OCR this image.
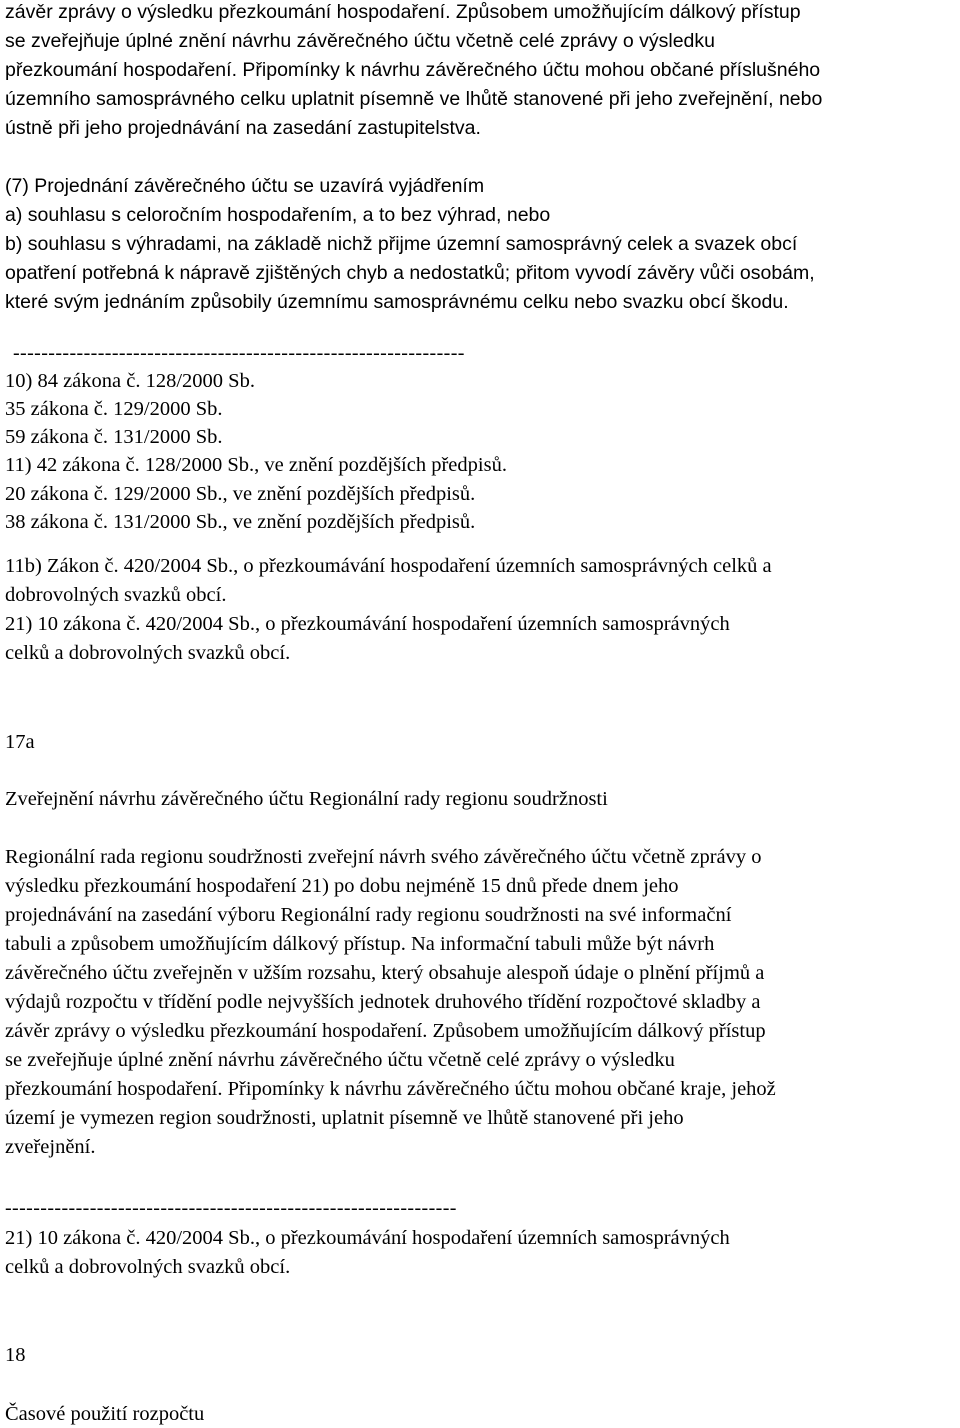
závěr zprávy o výsledku přezkoumání hospodaření. Způsobem umožňujícím dálkový přístup
se zveřejňuje úplné znění návrhu závěrečného účtu včetně celé zprávy o výsledku
přezkoumání hospodaření. Připomínky k návrhu závěrečného účtu mohou občané příslušného
územního samosprávného celku uplatnit písemně ve lhůtě stanovené při jeho zveřejnění, nebo
ústně při jeho projednávání na zasedání zastupitelstva.
(7) Projednání závěrečného účtu se uzavírá vyjádřením
a) souhlasu s celoročním hospodařením, a to bez výhrad, nebo
b) souhlasu s výhradami, na základě nichž přijme územní samosprávný celek a svazek obcí
opatření potřebná k nápravě zjištěných chyb a nedostatků; přitom vyvodí závěry vůči osobám,
které svým jednáním způsobily územnímu samosprávnému celku nebo svazku obcí škodu.
----------------------------------------------------------------
10) 84 zákona č. 128/2000 Sb.
35 zákona č. 129/2000 Sb.
59 zákona č. 131/2000 Sb.
11) 42 zákona č. 128/2000 Sb., ve znění pozdějších předpisů.
20 zákona č. 129/2000 Sb., ve znění pozdějších předpisů.
38 zákona č. 131/2000 Sb., ve znění pozdějších předpisů.
11b) Zákon č. 420/2004 Sb., o přezkoumávání hospodaření územních samosprávných celků a
dobrovolných svazků obcí.
21) 10 zákona č. 420/2004 Sb., o přezkoumávání hospodaření územních samosprávných
celků a dobrovolných svazků obcí.
17a
Zveřejnění návrhu závěrečného účtu Regionální rady regionu soudržnosti
Regionální rada regionu soudržnosti zveřejní návrh svého závěrečného účtu včetně zprávy o
výsledku přezkoumání hospodaření 21) po dobu nejméně 15 dnů přede dnem jeho
projednávání na zasedání výboru Regionální rady regionu soudržnosti na své informační
tabuli a způsobem umožňujícím dálkový přístup. Na informační tabuli může být návrh
závěrečného účtu zveřejněn v užším rozsahu, který obsahuje alespoň údaje o plnění příjmů a
výdajů rozpočtu v třídění podle nejvyšších jednotek druhového třídění rozpočtové skladby a
závěr zprávy o výsledku přezkoumání hospodaření. Způsobem umožňujícím dálkový přístup
se zveřejňuje úplné znění návrhu závěrečného účtu včetně celé zprávy o výsledku
přezkoumání hospodaření. Připomínky k návrhu závěrečného účtu mohou občané kraje, jehož
území je vymezen region soudržnosti, uplatnit písemně ve lhůtě stanovené při jeho
zveřejnění.
----------------------------------------------------------------
21) 10 zákona č. 420/2004 Sb., o přezkoumávání hospodaření územních samosprávných
celků a dobrovolných svazků obcí.
18
Časové použití rozpočtu
